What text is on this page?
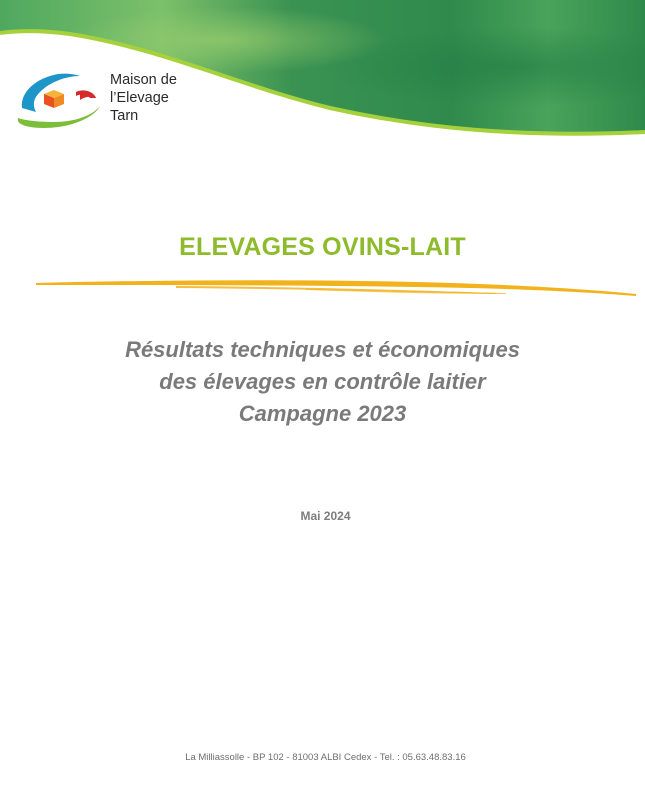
Maison de
l’Elevage
Tarn
ELEVAGES OVINS-LAIT
Résultats techniques et économiques
des élevages en contrôle laitier
Campagne 2023
Mai 2024
La Milliassolle - BP 102 - 81003 ALBI Cedex - Tel. : 05.63.48.83.16
